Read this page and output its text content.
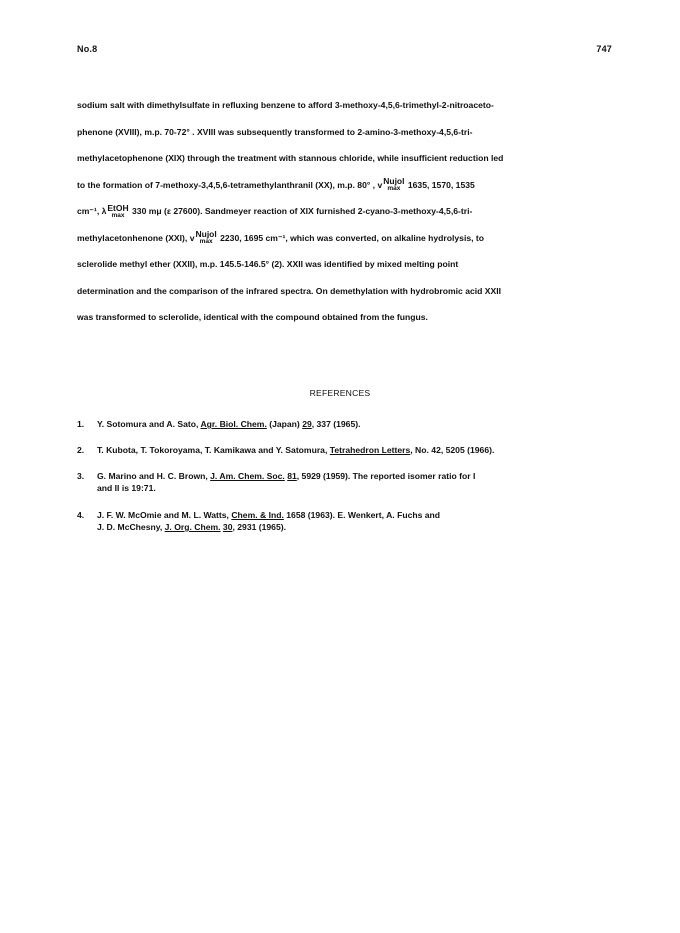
No.8	747
sodium salt with dimethylsulfate in refluxing benzene to afford 3-methoxy-4,5,6-trimethyl-2-nitroaceto-
phenone (XVIII), m.p. 70-72° . XVIII was subsequently transformed to 2-amino-3-methoxy-4,5,6-tri-
methylacetophenone (XIX) through the treatment with stannous chloride, while insufficient reduction led
to the formation of 7-methoxy-3,4,5,6-tetramethylanthranil (XX), m.p. 80° , v Nujol
max 1635, 1570, 1535
cm⁻¹, λ EtOH
max 330 mμ (ε 27600). Sandmeyer reaction of XIX furnished 2-cyano-3-methoxy-4,5,6-tri-
methylacetonhenone (XXI), v Nujol
max 2230, 1695 cm⁻¹, which was converted, on alkaline hydrolysis, to
sclerolide methyl ether (XXII), m.p. 145.5-146.5° (2). XXII was identified by mixed melting point
determination and the comparison of the infrared spectra. On demethylation with hydrobromic acid XXII
was transformed to sclerolide, identical with the compound obtained from the fungus.
REFERENCES
1. Y. Sotomura and A. Sato, Agr. Biol. Chem. (Japan) 29, 337 (1965).
2. T. Kubota, T. Tokoroyama, T. Kamikawa and Y. Satomura, Tetrahedron Letters, No. 42, 5205 (1966).
3. G. Marino and H. C. Brown, J. Am. Chem. Soc. 81, 5929 (1959). The reported isomer ratio for I
and II is 19:71.
4. J. F. W. McOmie and M. L. Watts, Chem. & Ind. 1658 (1963). E. Wenkert, A. Fuchs and
J. D. McChesny, J. Org. Chem. 30, 2931 (1965).
